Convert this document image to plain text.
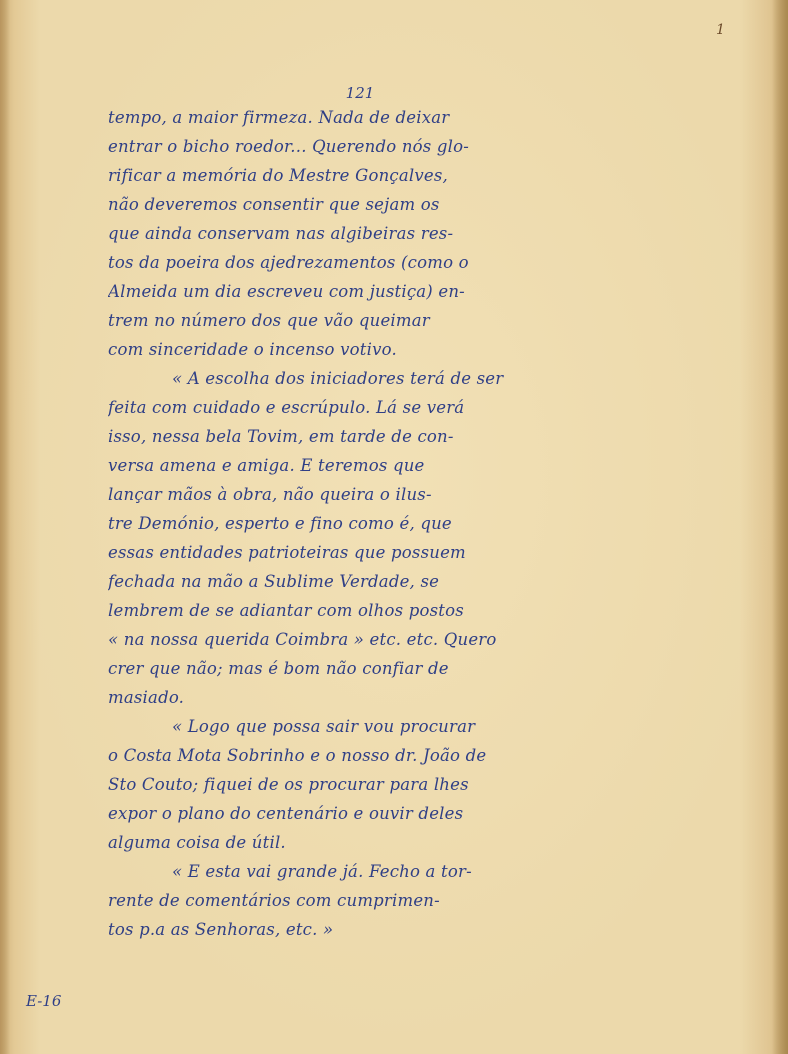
1
121
tempo, a maior firmeza. Nada de deixar
entrar o bicho roedor... Querendo nós glo-
rificar a memória do Mestre Gonçalves,
não deveremos consentir que sejam os
que ainda conservam nas algibeiras res-
tos da poeira dos ajedrezamentos (como o
Almeida um dia escreveu com justiça) en-
trem no número dos que vão queimar
com sinceridade o incenso votivo.
« A escolha dos iniciadores terá de ser
feita com cuidado e escrúpulo. Lá se verá
isso, nessa bela Tovim, em tarde de con-
versa amena e amiga. E teremos que
lançar mãos à obra, não queira o ilus-
tre Demónio, esperto e fino como é, que
essas entidades patrioteiras que possuem
fechada na mão a Sublime Verdade, se
lembrem de se adiantar com olhos postos
« na nossa querida Coimbra » etc. etc. Quero
crer que não; mas é bom não confiar de
masiado.
« Logo que possa sair vou procurar
o Costa Mota Sobrinho e o nosso dr. João de
Sto Couto; fiquei de os procurar para lhes
expor o plano do centenário e ouvir deles
alguma coisa de útil.
« E esta vai grande já. Fecho a tor-
rente de comentários com cumprimen-
tos p.a as Senhoras, etc. »
E-16
